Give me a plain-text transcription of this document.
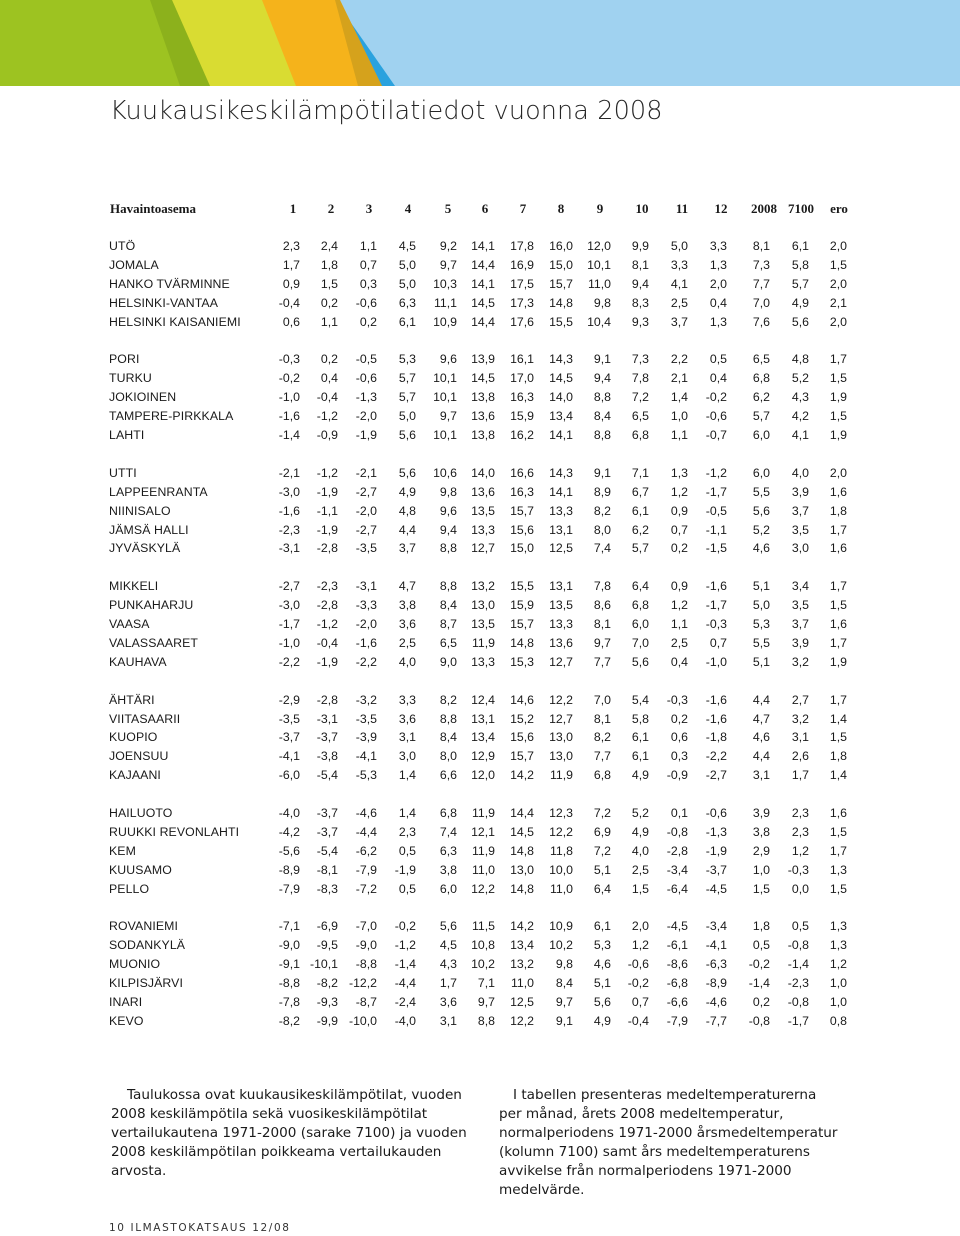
Kuukausikeskilämpötilatiedot vuonna 2008
Havaintoasema	1 2 3	4	5 6 7 8	9 10 11 12 2008 7100 ero
UTÖ	2,3	2,4	1,1	4,5	9,2	14,1	17,8	16,0	12,0	9,9	5,0	3,3	8,1	6,1	2,0
JOMALA	1,7	1,8	0,7	5,0	9,7	14,4	16,9	15,0	10,1	8,1	3,3	1,3	7,3	5,8	1,5
HANKO TVÄRMINNE	0,9	1,5	0,3	5,0	10,3	14,1	17,5	15,7	11,0	9,4	4,1	2,0	7,7	5,7	2,0
HELSINKI-VANTAA	-0,4	0,2	-0,6	6,3	11,1	14,5	17,3	14,8	9,8	8,3	2,5	0,4	7,0	4,9	2,1
HELSINKI KAISANIEMI	0,6	1,1	0,2	6,1	10,9	14,4	17,6	15,5	10,4	9,3	3,7	1,3	7,6	5,6	2,0
PORI	-0,3	0,2	-0,5	5,3	9,6	13,9	16,1	14,3	9,1	7,3	2,2	0,5	6,5	4,8	1,7
TURKU	-0,2	0,4	-0,6	5,7	10,1	14,5	17,0	14,5	9,4	7,8	2,1	0,4	6,8	5,2	1,5
JOKIOINEN	-1,0	-0,4	-1,3	5,7	10,1	13,8	16,3	14,0	8,8	7,2	1,4	-0,2	6,2	4,3	1,9
TAMPERE-PIRKKALA	-1,6	-1,2	-2,0	5,0	9,7	13,6	15,9	13,4	8,4	6,5	1,0	-0,6	5,7	4,2	1,5
LAHTI	-1,4	-0,9	-1,9	5,6	10,1	13,8	16,2	14,1	8,8	6,8	1,1	-0,7	6,0	4,1	1,9
UTTI	-2,1	-1,2	-2,1	5,6	10,6	14,0	16,6	14,3	9,1	7,1	1,3	-1,2	6,0	4,0	2,0
LAPPEENRANTA	-3,0	-1,9	-2,7	4,9	9,8	13,6	16,3	14,1	8,9	6,7	1,2	-1,7	5,5	3,9	1,6
NIINISALO	-1,6	-1,1	-2,0	4,8	9,6	13,5	15,7	13,3	8,2	6,1	0,9	-0,5	5,6	3,7	1,8
JÄMSÄ HALLI	-2,3	-1,9	-2,7	4,4	9,4	13,3	15,6	13,1	8,0	6,2	0,7	-1,1	5,2	3,5	1,7
JYVÄSKYLÄ	-3,1	-2,8	-3,5	3,7	8,8	12,7	15,0	12,5	7,4	5,7	0,2	-1,5	4,6	3,0	1,6
MIKKELI	-2,7	-2,3	-3,1	4,7	8,8	13,2	15,5	13,1	7,8	6,4	0,9	-1,6	5,1	3,4	1,7
PUNKAHARJU	-3,0	-2,8	-3,3	3,8	8,4	13,0	15,9	13,5	8,6	6,8	1,2	-1,7	5,0	3,5	1,5
VAASA	-1,7	-1,2	-2,0	3,6	8,7	13,5	15,7	13,3	8,1	6,0	1,1	-0,3	5,3	3,7	1,6
VALASSAARET	-1,0	-0,4	-1,6	2,5	6,5	11,9	14,8	13,6	9,7	7,0	2,5	0,7	5,5	3,9	1,7
KAUHAVA	-2,2	-1,9	-2,2	4,0	9,0	13,3	15,3	12,7	7,7	5,6	0,4	-1,0	5,1	3,2	1,9
ÄHTÄRI	-2,9	-2,8	-3,2	3,3	8,2	12,4	14,6	12,2	7,0	5,4	-0,3	-1,6	4,4	2,7	1,7
VIITASAARII	-3,5	-3,1	-3,5	3,6	8,8	13,1	15,2	12,7	8,1	5,8	0,2	-1,6	4,7	3,2	1,4
KUOPIO	-3,7	-3,7	-3,9	3,1	8,4	13,4	15,6	13,0	8,2	6,1	0,6	-1,8	4,6	3,1	1,5
JOENSUU	-4,1	-3,8	-4,1	3,0	8,0	12,9	15,7	13,0	7,7	6,1	0,3	-2,2	4,4	2,6	1,8
KAJAANI	-6,0	-5,4	-5,3	1,4	6,6	12,0	14,2	11,9	6,8	4,9	-0,9	-2,7	3,1	1,7	1,4
HAILUOTO	-4,0	-3,7	-4,6	1,4	6,8	11,9	14,4	12,3	7,2	5,2	0,1	-0,6	3,9	2,3	1,6
RUUKKI REVONLAHTI	-4,2	-3,7	-4,4	2,3	7,4	12,1	14,5	12,2	6,9	4,9	-0,8	-1,3	3,8	2,3	1,5
KEM	-5,6	-5,4	-6,2	0,5	6,3	11,9	14,8	11,8	7,2	4,0	-2,8	-1,9	2,9	1,2	1,7
KUUSAMO	-8,9	-8,1	-7,9	-1,9	3,8	11,0	13,0	10,0	5,1	2,5	-3,4	-3,7	1,0	-0,3	1,3
PELLO	-7,9	-8,3	-7,2	0,5	6,0	12,2	14,8	11,0	6,4	1,5	-6,4	-4,5	1,5	0,0	1,5
ROVANIEMI	-7,1	-6,9	-7,0	-0,2	5,6	11,5	14,2	10,9	6,1	2,0	-4,5	-3,4	1,8	0,5	1,3
SODANKYLÄ	-9,0	-9,5	-9,0	-1,2	4,5	10,8	13,4	10,2	5,3	1,2	-6,1	-4,1	0,5	-0,8	1,3
MUONIO	-9,1 -10,1	-8,8	-1,4	4,3	10,2	13,2	9,8	4,6	-0,6	-8,6	-6,3	-0,2	-1,4	1,2
KILPISJÄRVI	-8,8	-8,2 -12,2	-4,4	1,7	7,1	11,0	8,4	5,1	-0,2	-6,8	-8,9	-1,4	-2,3	1,0
INARI	-7,8	-9,3	-8,7	-2,4	3,6	9,7	12,5	9,7	5,6	0,7	-6,6	-4,6	0,2	-0,8	1,0
KEVO	-8,2	-9,9 -10,0	-4,0	3,1	8,8	12,2	9,1	4,9	-0,4	-7,9	-7,7	-0,8	-1,7	0,8
Taulukossa ovat kuukausikeskilämpötilat, vuoden
2008 keskilämpötila sekä vuosikeskilämpötilat
vertailukautena 1971-2000 (sarake 7100) ja vuoden
2008 keskilämpötilan poikkeama vertailukauden
arvosta.
I tabellen presenteras medeltemperaturerna
per månad, årets 2008 medeltemperatur,
normalperiodens 1971-2000 årsmedeltemperatur
(kolumn 7100) samt års medeltemperaturens
avvikelse från normalperiodens 1971-2000
medelvärde.
10 ILMASTOKATSAUS 12/08
